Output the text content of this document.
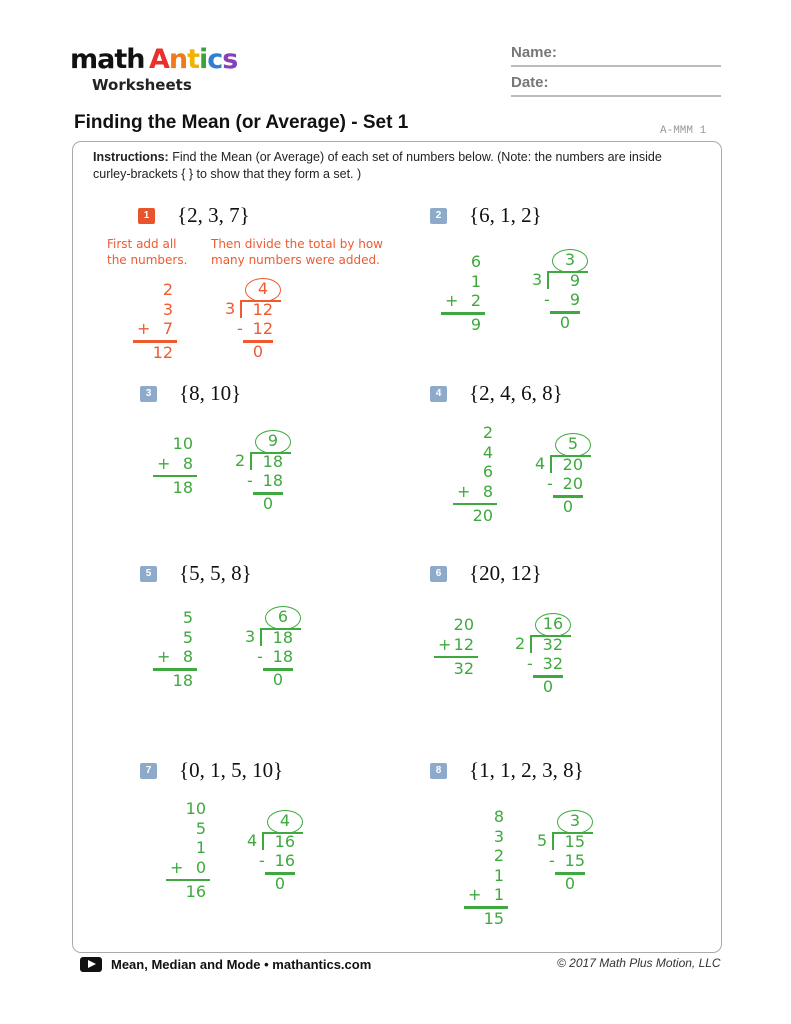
math Antics
Worksheets
Name:
Date:
Finding the Mean (or Average) - Set 1	A-MMM 1
Instructions: Find the Mean (or Average) of each set of numbers below. (Note: the numbers are inside curley-brackets { } to show that they form a set. )
First add all
the numbers.
Then divide the total by how
many numbers were added.
1 {2, 3, 7}
2
3
7
+
12
4
3	12
- 12
0
2 {6, 1, 2}
6
1
2
+
9
3
3	9
-	9
0
3 {8, 10}
10
8
+
18
9
2	18
- 18
0
4 {2, 4, 6, 8}
2
4
6
8
+
20
5
4	20
- 20
0
5 {5, 5, 8}
5
5
8
+
18
6
3	18
- 18
0
6 {20, 12}
20
12
+
32
16
2	32
- 32
0
7 {0, 1, 5, 10}
10
5
1
0
+
16
4
4	16
- 16
0
8 {1, 1, 2, 3, 8}
8
3
2
1
1
+
15
3
5	15
- 15
0
Mean, Median and Mode • mathantics.com	© 2017 Math Plus Motion, LLC
